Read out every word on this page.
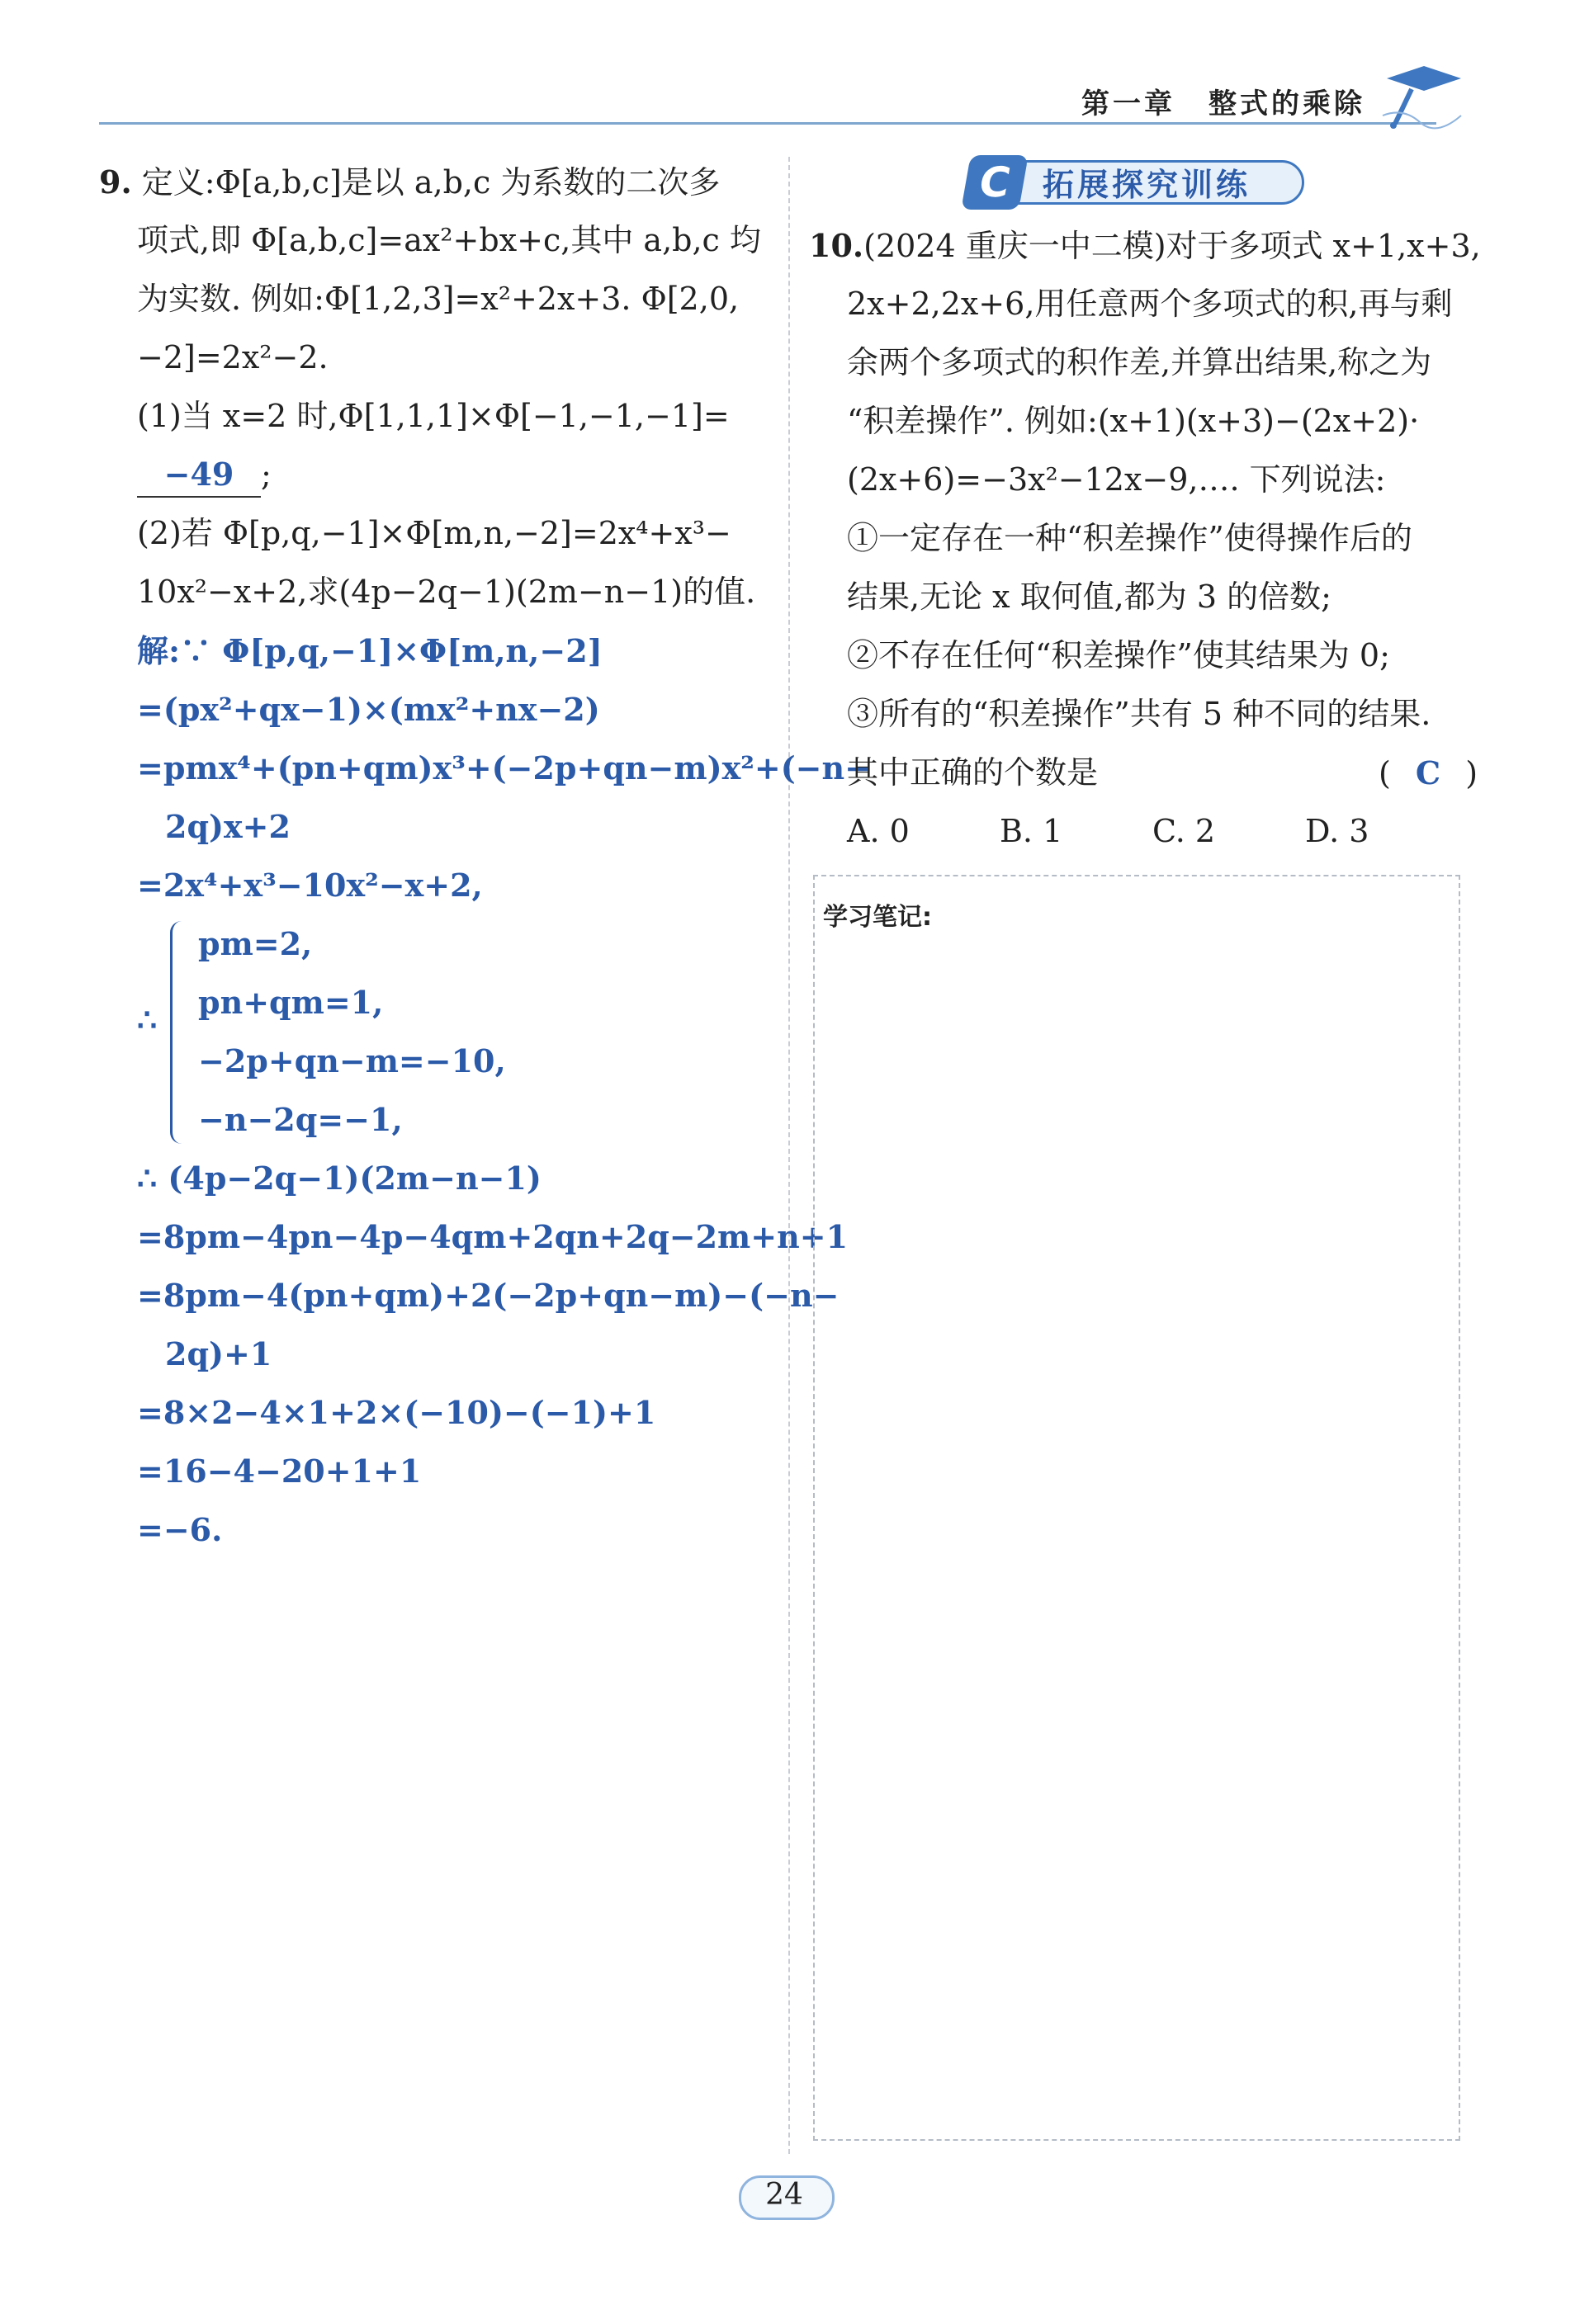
第一章 整式的乘除
9. 定义:Φ[a,b,c]是以 a,b,c 为系数的二次多
项式,即 Φ[a,b,c]=ax²+bx+c,其中 a,b,c 均
为实数. 例如:Φ[1,2,3]=x²+2x+3. Φ[2,0,
−2]=2x²−2.
(1)当 x=2 时,Φ[1,1,1]×Φ[−1,−1,−1]=
−49 ;
(2)若 Φ[p,q,−1]×Φ[m,n,−2]=2x⁴+x³−
10x²−x+2,求(4p−2q−1)(2m−n−1)的值.
解:∵ Φ[p,q,−1]×Φ[m,n,−2]
=(px²+qx−1)×(mx²+nx−2)
=pmx⁴+(pn+qm)x³+(−2p+qn−m)x²+(−n−
2q)x+2
=2x⁴+x³−10x²−x+2,
∴
pm=2,
pn+qm=1,
−2p+qn−m=−10,
−n−2q=−1,
∴ (4p−2q−1)(2m−n−1)
=8pm−4pn−4p−4qm+2qn+2q−2m+n+1
=8pm−4(pn+qm)+2(−2p+qn−m)−(−n−
2q)+1
=8×2−4×1+2×(−10)−(−1)+1
=16−4−20+1+1
=−6.
拓展探究训练
C
10.(2024 重庆一中二模)对于多项式 x+1,x+3,
2x+2,2x+6,用任意两个多项式的积,再与剩
余两个多项式的积作差,并算出结果,称之为
“积差操作”. 例如:(x+1)(x+3)−(2x+2)·
(2x+6)=−3x²−12x−9,…. 下列说法:
①一定存在一种“积差操作”使得操作后的
结果,无论 x 取何值,都为 3 的倍数;
②不存在任何“积差操作”使其结果为 0;
③所有的“积差操作”共有 5 种不同的结果.
其中正确的个数是	( C )
A. 0	B. 1	C. 2	D. 3
学习笔记:
24
